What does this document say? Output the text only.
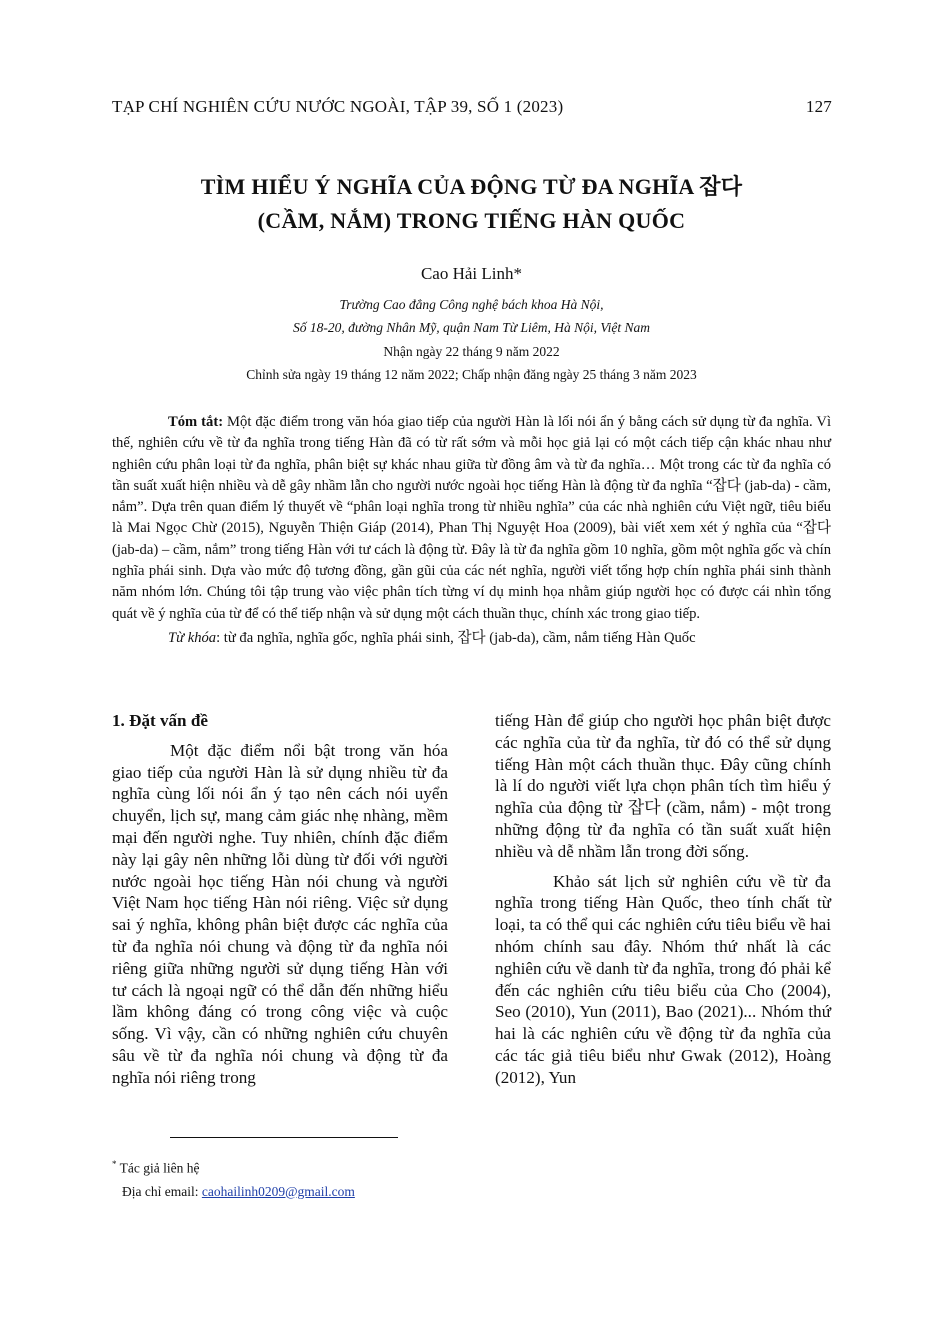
TẠP CHÍ NGHIÊN CỨU NƯỚC NGOÀI, TẬP 39, SỐ 1 (2023)	127
TÌM HIỂU Ý NGHĨA CỦA ĐỘNG TỪ ĐA NGHĨA 잡다
(CẦM, NẮM) TRONG TIẾNG HÀN QUỐC
Cao Hải Linh*
Trường Cao đẳng Công nghệ bách khoa Hà Nội,
Số 18-20, đường Nhân Mỹ, quận Nam Từ Liêm, Hà Nội, Việt Nam
Nhận ngày 22 tháng 9 năm 2022
Chỉnh sửa ngày 19 tháng 12 năm 2022; Chấp nhận đăng ngày 25 tháng 3 năm 2023

Tóm tắt: Một đặc điểm trong văn hóa giao tiếp của người Hàn là lối nói ẩn ý bằng cách sử dụng từ đa nghĩa. Vì thế, nghiên cứu về từ đa nghĩa trong tiếng Hàn đã có từ rất sớm và mỗi học giả lại có một cách tiếp cận khác nhau như nghiên cứu phân loại từ đa nghĩa, phân biệt sự khác nhau giữa từ đồng âm và từ đa nghĩa… Một trong các từ đa nghĩa có tần suất xuất hiện nhiều và dễ gây nhầm lẫn cho người nước ngoài học tiếng Hàn là động từ đa nghĩa “잡다 (jab-da) - cầm, nắm”. Dựa trên quan điểm lý thuyết về “phân loại nghĩa trong từ nhiều nghĩa” của các nhà nghiên cứu Việt ngữ, tiêu biểu là Mai Ngọc Chừ (2015), Nguyễn Thiện Giáp (2014), Phan Thị Nguyệt Hoa (2009), bài viết xem xét ý nghĩa của “잡다 (jab-da) – cầm, nắm” trong tiếng Hàn với tư cách là động từ. Đây là từ đa nghĩa gồm 10 nghĩa, gồm một nghĩa gốc và chín nghĩa phái sinh. Dựa vào mức độ tương đồng, gần gũi của các nét nghĩa, người viết tổng hợp chín nghĩa phái sinh thành năm nhóm lớn. Chúng tôi tập trung vào việc phân tích từng ví dụ minh họa nhằm giúp người học có được cái nhìn tổng quát về ý nghĩa của từ để có thể tiếp nhận và sử dụng một cách thuần thục, chính xác trong giao tiếp.

Từ khóa: từ đa nghĩa, nghĩa gốc, nghĩa phái sinh, 잡다 (jab-da), cầm, nắm tiếng Hàn Quốc

1. Đặt vấn đề

Một đặc điểm nổi bật trong văn hóa giao tiếp của người Hàn là sử dụng nhiều từ đa nghĩa cùng lối nói ẩn ý tạo nên cách nói uyển chuyển, lịch sự, mang cảm giác nhẹ nhàng, mềm mại đến người nghe. Tuy nhiên, chính đặc điểm này lại gây nên những lỗi dùng từ đối với người nước ngoài học tiếng Hàn nói chung và người Việt Nam học tiếng Hàn nói riêng. Việc sử dụng sai ý nghĩa, không phân biệt được các nghĩa của từ đa nghĩa nói chung và động từ đa nghĩa nói riêng giữa những người sử dụng tiếng Hàn với tư cách là ngoại ngữ có thể dẫn đến những hiểu lầm không đáng có trong công việc và cuộc sống. Vì vậy, cần có những nghiên cứu chuyên sâu về từ đa nghĩa nói chung và động từ đa nghĩa nói riêng trong

tiếng Hàn để giúp cho người học phân biệt được các nghĩa của từ đa nghĩa, từ đó có thể sử dụng tiếng Hàn một cách thuần thục. Đây cũng chính là lí do người viết lựa chọn phân tích tìm hiểu ý nghĩa của động từ 잡다 (cầm, nắm) - một trong những động từ đa nghĩa có tần suất xuất hiện nhiều và dễ nhầm lẫn trong đời sống.

Khảo sát lịch sử nghiên cứu về từ đa nghĩa trong tiếng Hàn Quốc, theo tính chất từ loại, ta có thể qui các nghiên cứu tiêu biểu về hai nhóm chính sau đây. Nhóm thứ nhất là các nghiên cứu về danh từ đa nghĩa, trong đó phải kể đến các nghiên cứu tiêu biểu của Cho (2004), Seo (2010), Yun (2011), Bao (2021)... Nhóm thứ hai là các nghiên cứu về động từ đa nghĩa của các tác giả tiêu biểu như Gwak (2012), Hoàng (2012), Yun

* Tác giả liên hệ
Địa chỉ email: caohailinh0209@gmail.com
